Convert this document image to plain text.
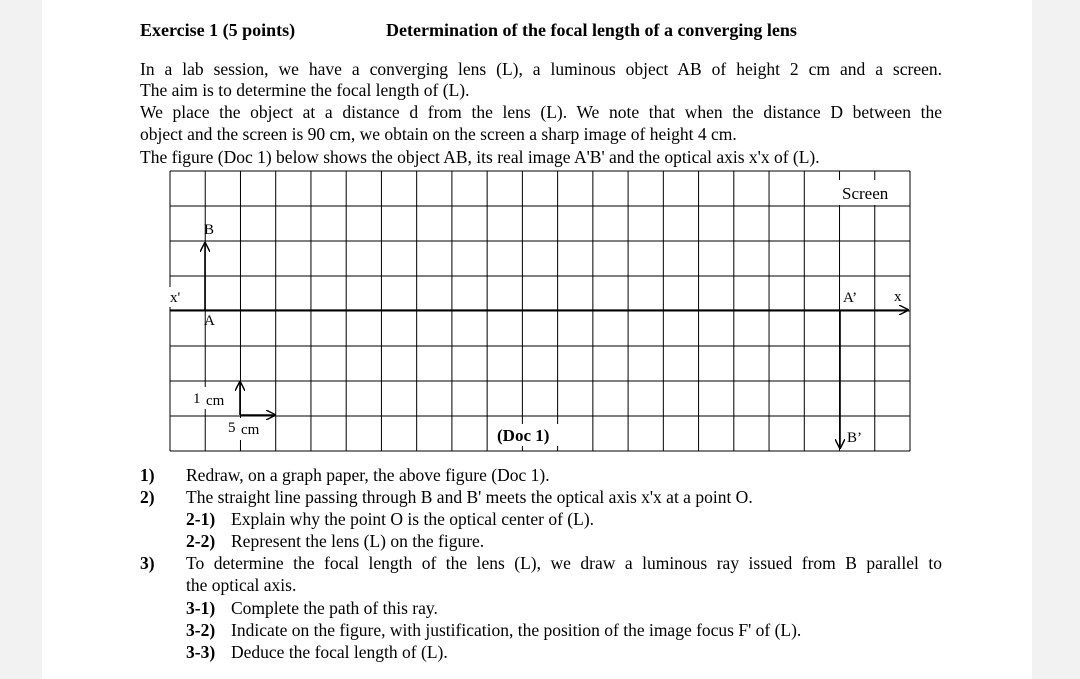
Exercise 1 (5 points)	Determination of the focal length of a converging lens
In a lab session, we have a converging lens (L), a luminous object AB of height 2 cm and a screen.
The aim is to determine the focal length of (L).
We place the object at a distance d from the lens (L). We note that when the distance D between the
object and the screen is 90 cm, we obtain on the screen a sharp image of height 4 cm.
The figure (Doc 1) below shows the object AB, its real image A'B' and the optical axis x'x of (L).
Screen
x'
B
A
A’ x
B’
1 cm
5 cm	(Doc 1)
1) Redraw, on a graph paper, the above figure (Doc 1).
2) The straight line passing through B and B' meets the optical axis x'x at a point O.
2-1) Explain why the point O is the optical center of (L).
2-2) Represent the lens (L) on the figure.
3) To determine the focal length of the lens (L), we draw a luminous ray issued from B parallel to
the optical axis.
3-1) Complete the path of this ray.
3-2) Indicate on the figure, with justification, the position of the image focus F' of (L).
3-3) Deduce the focal length of (L).
